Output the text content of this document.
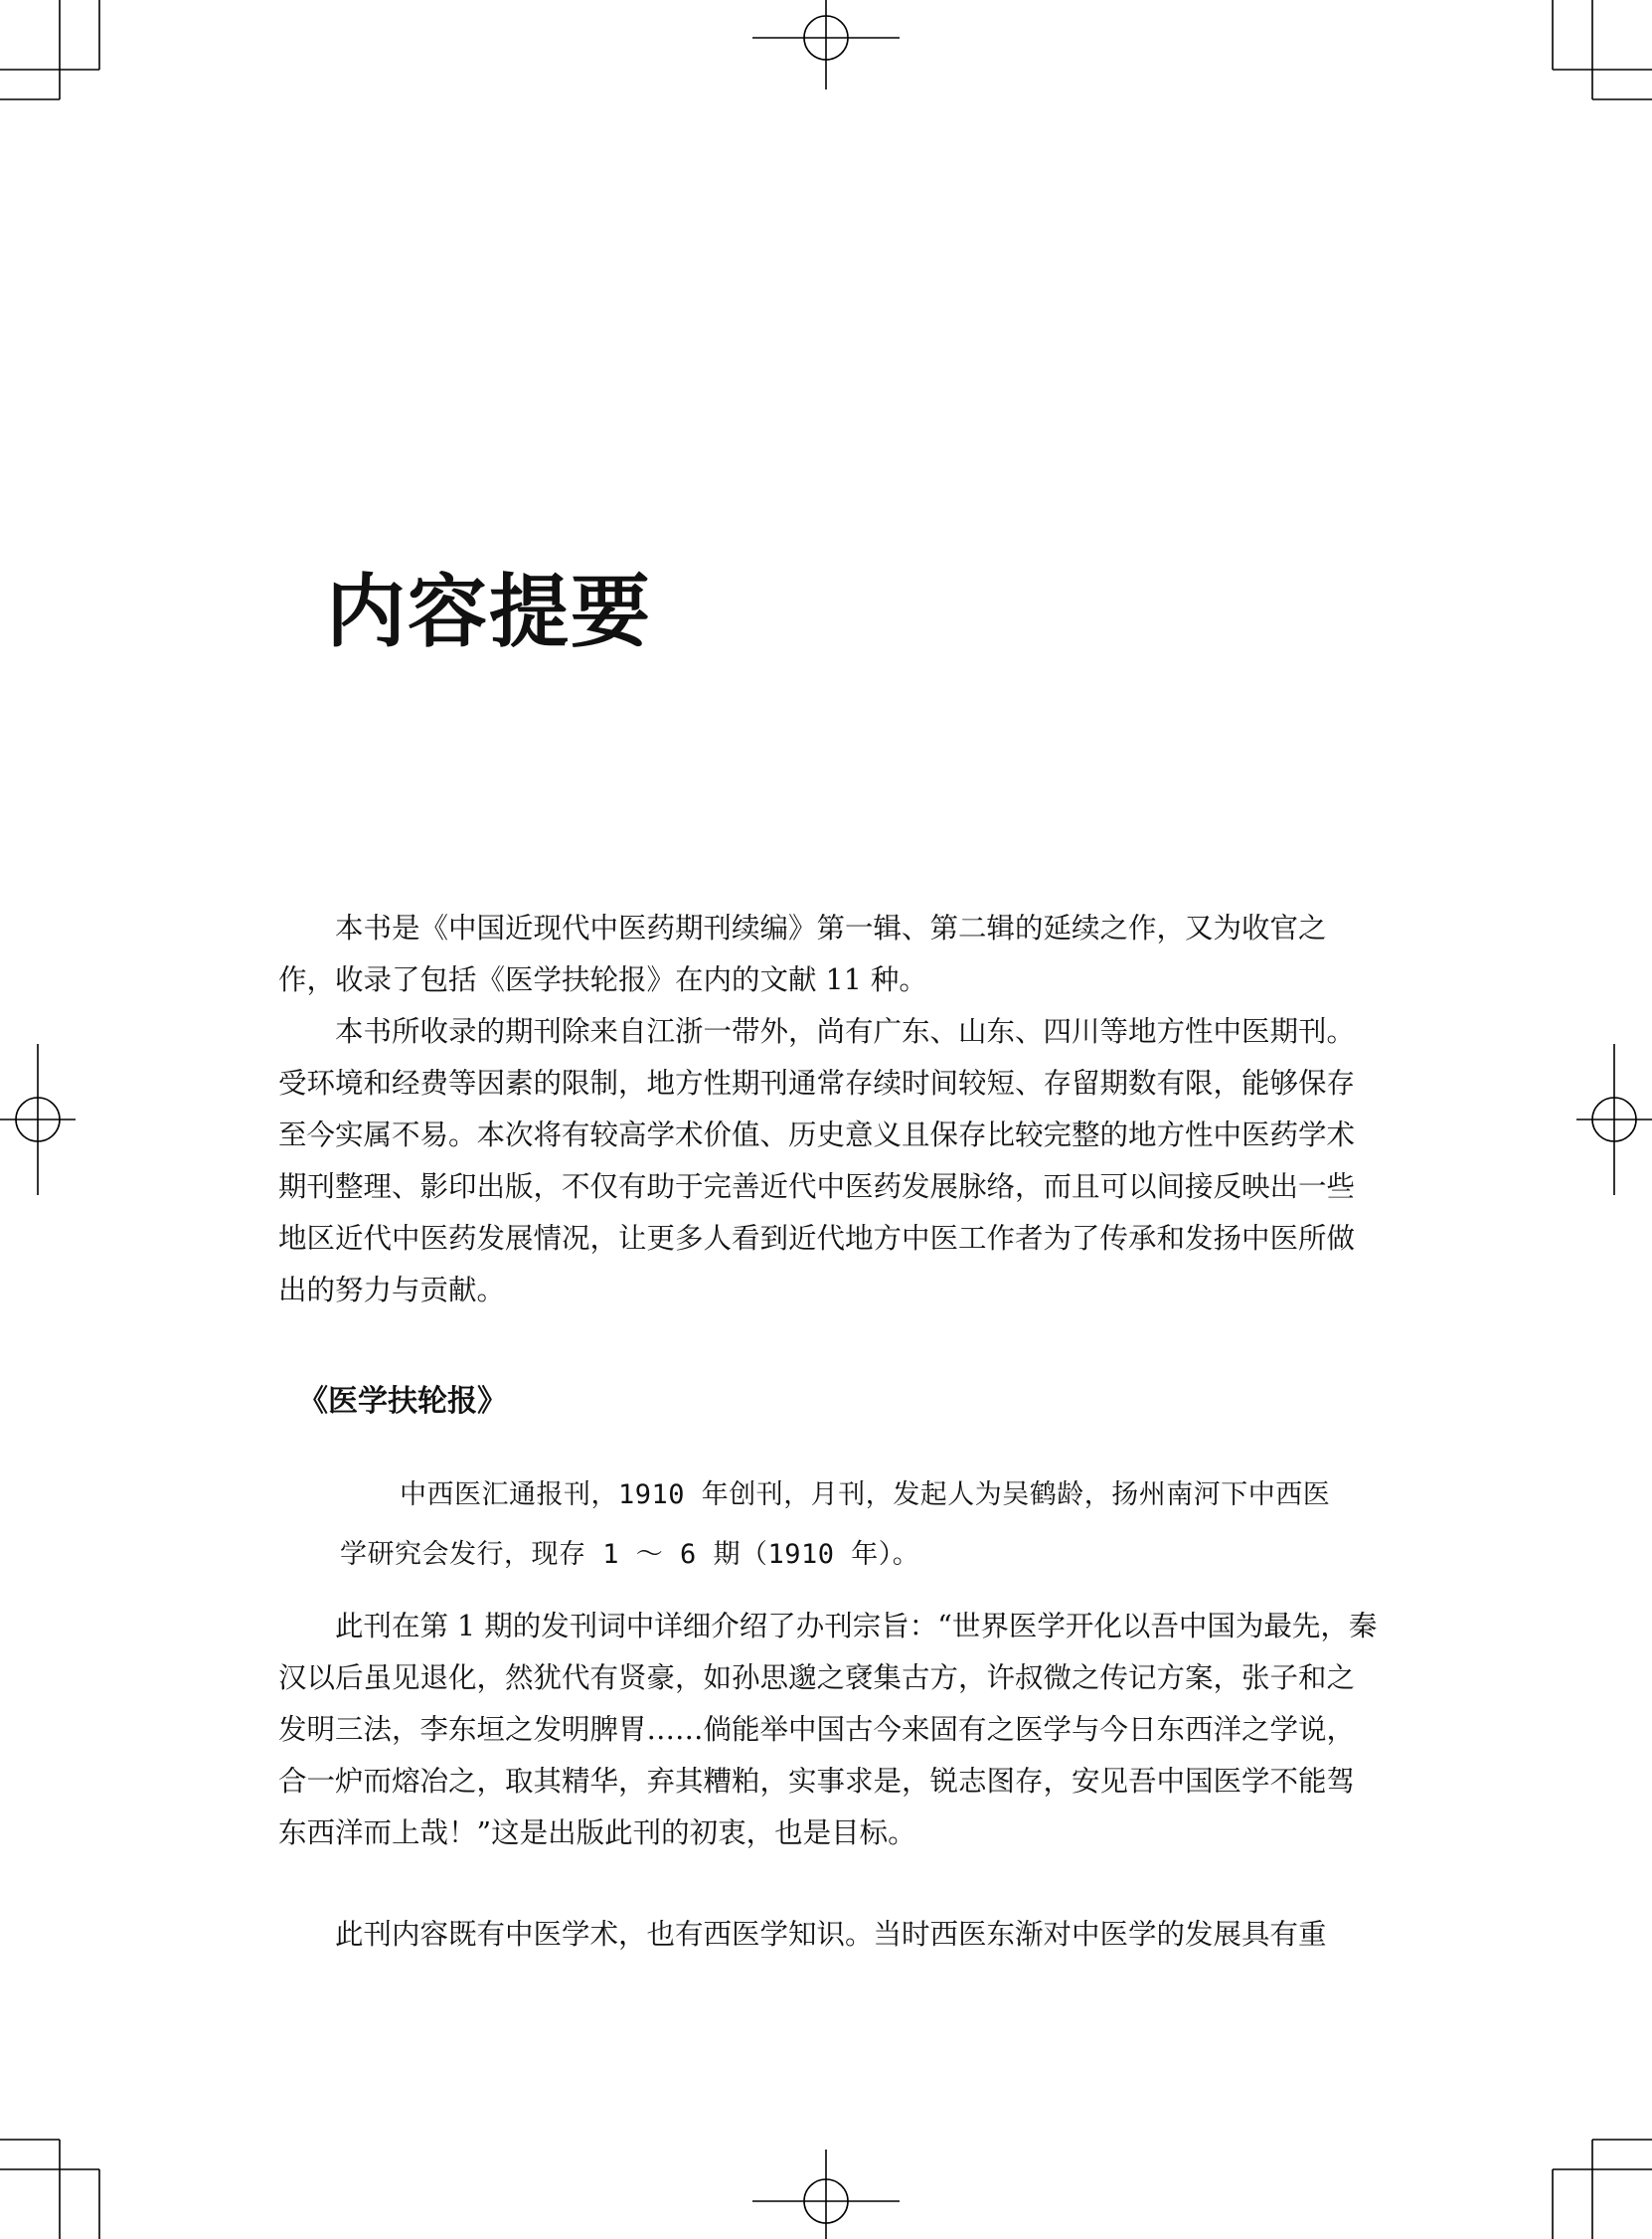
内容提要

本书是《中国近现代中医药期刊续编》第一辑、第二辑的延续之作，又为收官之作，收录了包括《医学扶轮报》在内的文献 11 种。

本书所收录的期刊除来自江浙一带外，尚有广东、山东、四川等地方性中医期刊。受环境和经费等因素的限制，地方性期刊通常存续时间较短、存留期数有限，能够保存至今实属不易。本次将有较高学术价值、历史意义且保存比较完整的地方性中医药学术期刊整理、影印出版，不仅有助于完善近代中医药发展脉络，而且可以间接反映出一些地区近代中医药发展情况，让更多人看到近代地方中医工作者为了传承和发扬中医所做出的努力与贡献。

《医学扶轮报》

中西医汇通报刊，1910 年创刊，月刊，发起人为吴鹤龄，扬州南河下中西医学研究会发行，现存 1 ～ 6 期（1910 年）。

此刊在第 1 期的发刊词中详细介绍了办刊宗旨：“世界医学开化以吾中国为最先，秦汉以后虽见退化，然犹代有贤豪，如孙思邈之裦集古方，许叔微之传记方案，张子和之发明三法，李东垣之发明脾胃……倘能举中国古今来固有之医学与今日东西洋之学说，合一炉而熔冶之，取其精华，弃其糟粕，实事求是，锐志图存，安见吾中国医学不能驾东西洋而上哉！”这是出版此刊的初衷，也是目标。

此刊内容既有中医学术，也有西医学知识。当时西医东渐对中医学的发展具有重
